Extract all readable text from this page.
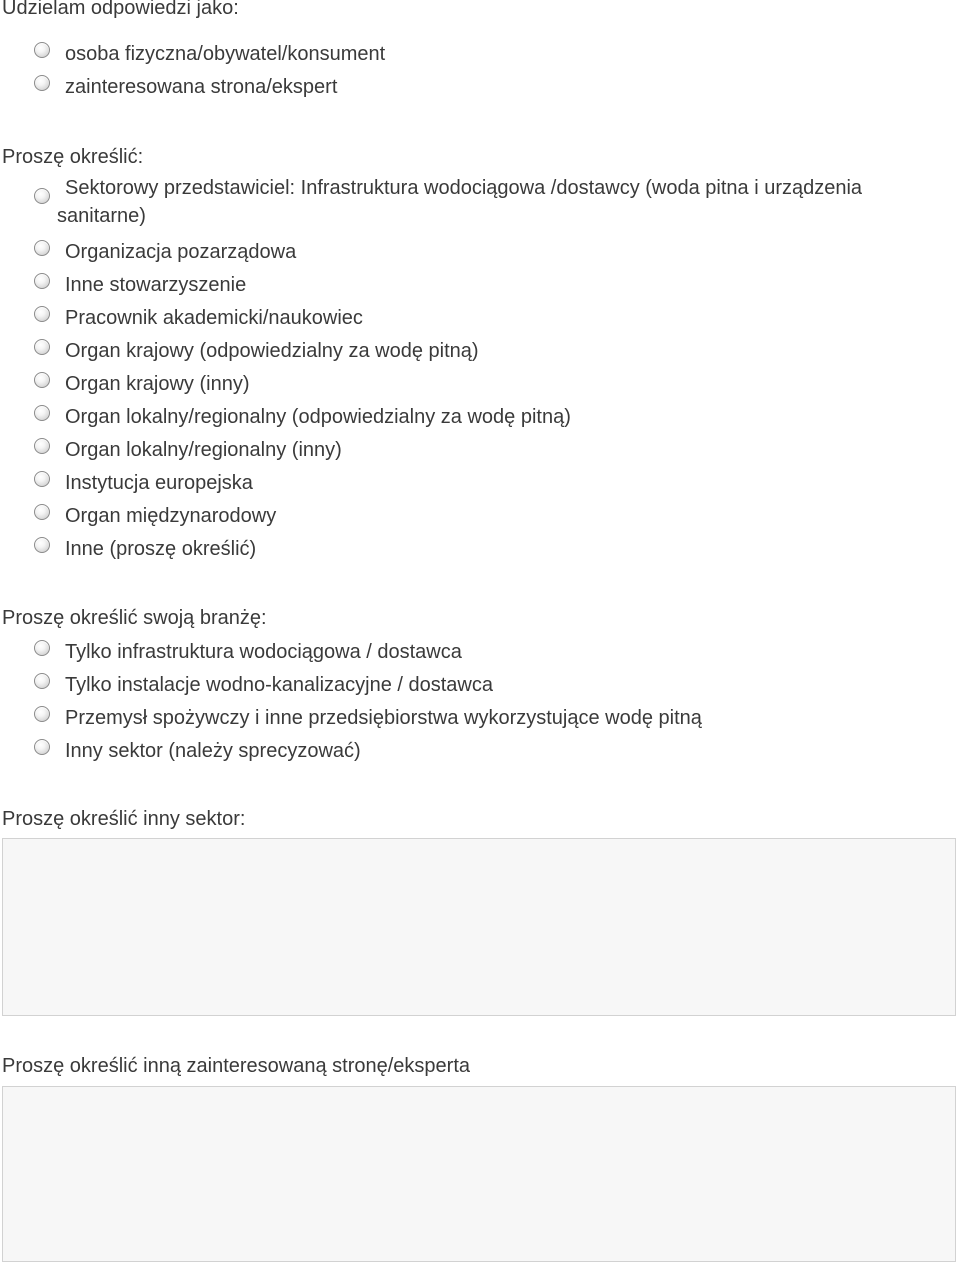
Udzielam odpowiedzi jako:
osoba fizyczna/obywatel/konsument
zainteresowana strona/ekspert
Proszę określić:
Sektorowy przedstawiciel: Infrastruktura wodociągowa /dostawcy (woda pitna i urządzenia
sanitarne)
Organizacja pozarządowa
Inne stowarzyszenie
Pracownik akademicki/naukowiec
Organ krajowy (odpowiedzialny za wodę pitną)
Organ krajowy (inny)
Organ lokalny/regionalny (odpowiedzialny za wodę pitną)
Organ lokalny/regionalny (inny)
Instytucja europejska
Organ międzynarodowy
Inne (proszę określić)
Proszę określić swoją branżę:
Tylko infrastruktura wodociągowa / dostawca
Tylko instalacje wodno-kanalizacyjne / dostawca
Przemysł spożywczy i inne przedsiębiorstwa wykorzystujące wodę pitną
Inny sektor (należy sprecyzować)
Proszę określić inny sektor:
Proszę określić inną zainteresowaną stronę/eksperta
